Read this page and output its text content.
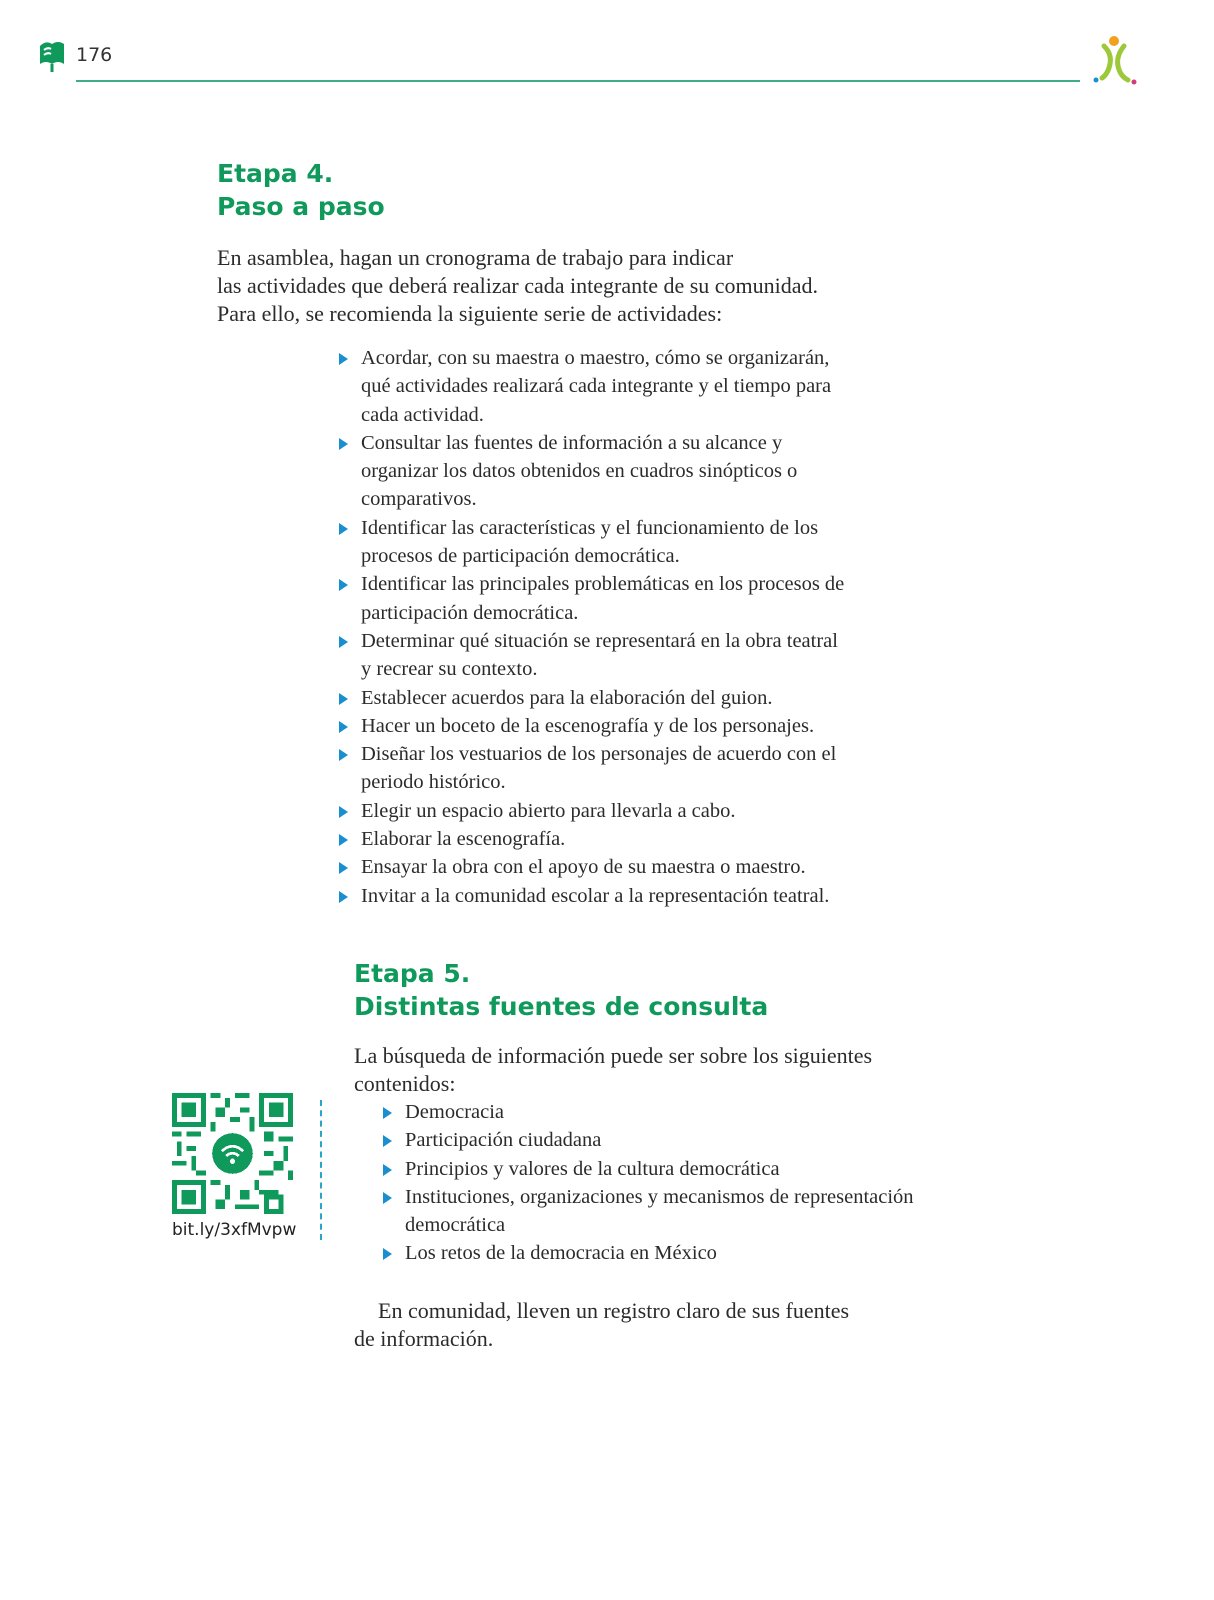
176
Etapa 4.
Paso a paso

En asamblea, hagan un cronograma de trabajo para indicar
las actividades que deberá realizar cada integrante de su comunidad.
Para ello, se recomienda la siguiente serie de actividades:

Acordar, con su maestra o maestro, cómo se organizarán,
qué actividades realizará cada integrante y el tiempo para
cada actividad.
Consultar las fuentes de información a su alcance y
organizar los datos obtenidos en cuadros sinópticos o
comparativos.
Identificar las características y el funcionamiento de los
procesos de participación democrática.
Identificar las principales problemáticas en los procesos de
participación democrática.
Determinar qué situación se representará en la obra teatral
y recrear su contexto.
Establecer acuerdos para la elaboración del guion.
Hacer un boceto de la escenografía y de los personajes.
Diseñar los vestuarios de los personajes de acuerdo con el
periodo histórico.
Elegir un espacio abierto para llevarla a cabo.
Elaborar la escenografía.
Ensayar la obra con el apoyo de su maestra o maestro.
Invitar a la comunidad escolar a la representación teatral.
Etapa 5.
Distintas fuentes de consulta

La búsqueda de información puede ser sobre los siguientes
contenidos:

Democracia
Participación ciudadana
Principios y valores de la cultura democrática
Instituciones, organizaciones y mecanismos de representación
democrática
Los retos de la democracia en México

En comunidad, lleven un registro claro de sus fuentes
de información.

bit.ly/3xfMvpw
